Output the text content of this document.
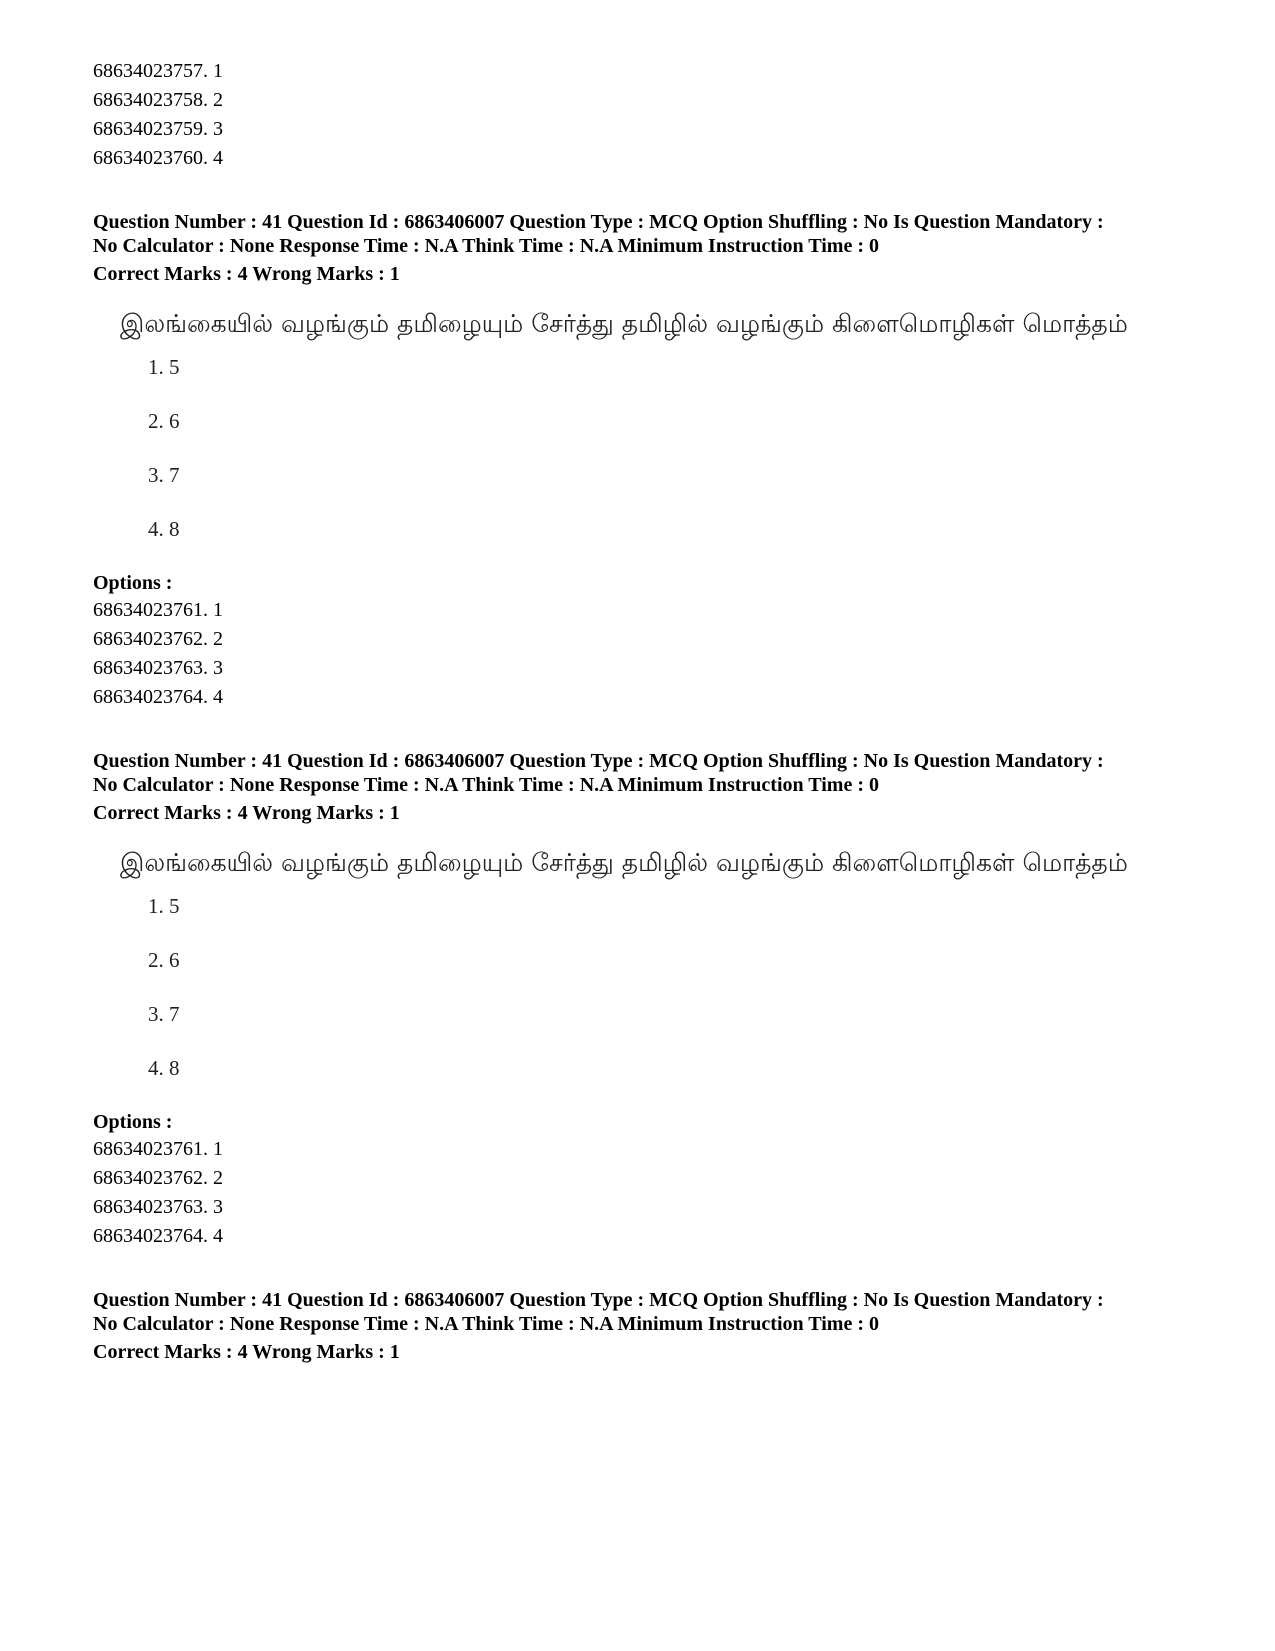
68634023757. 1

68634023758. 2

68634023759. 3

68634023760. 4

Question Number : 41 Question Id : 6863406007 Question Type : MCQ Option Shuffling : No Is Question Mandatory :

No Calculator : None Response Time : N.A Think Time : N.A Minimum Instruction Time : 0

Correct Marks : 4 Wrong Marks : 1

இலங்கையில் வழங்கும் தமிழையும் சேர்த்து தமிழில் வழங்கும் கிளைமொழிகள் மொத்தம்
1. 5
2. 6
3. 7
4. 8

Options :

68634023761. 1

68634023762. 2

68634023763. 3

68634023764. 4

Question Number : 41 Question Id : 6863406007 Question Type : MCQ Option Shuffling : No Is Question Mandatory :

No Calculator : None Response Time : N.A Think Time : N.A Minimum Instruction Time : 0

Correct Marks : 4 Wrong Marks : 1

இலங்கையில் வழங்கும் தமிழையும் சேர்த்து தமிழில் வழங்கும் கிளைமொழிகள் மொத்தம்
1. 5
2. 6
3. 7
4. 8

Options :

68634023761. 1

68634023762. 2

68634023763. 3

68634023764. 4

Question Number : 41 Question Id : 6863406007 Question Type : MCQ Option Shuffling : No Is Question Mandatory :

No Calculator : None Response Time : N.A Think Time : N.A Minimum Instruction Time : 0

Correct Marks : 4 Wrong Marks : 1
